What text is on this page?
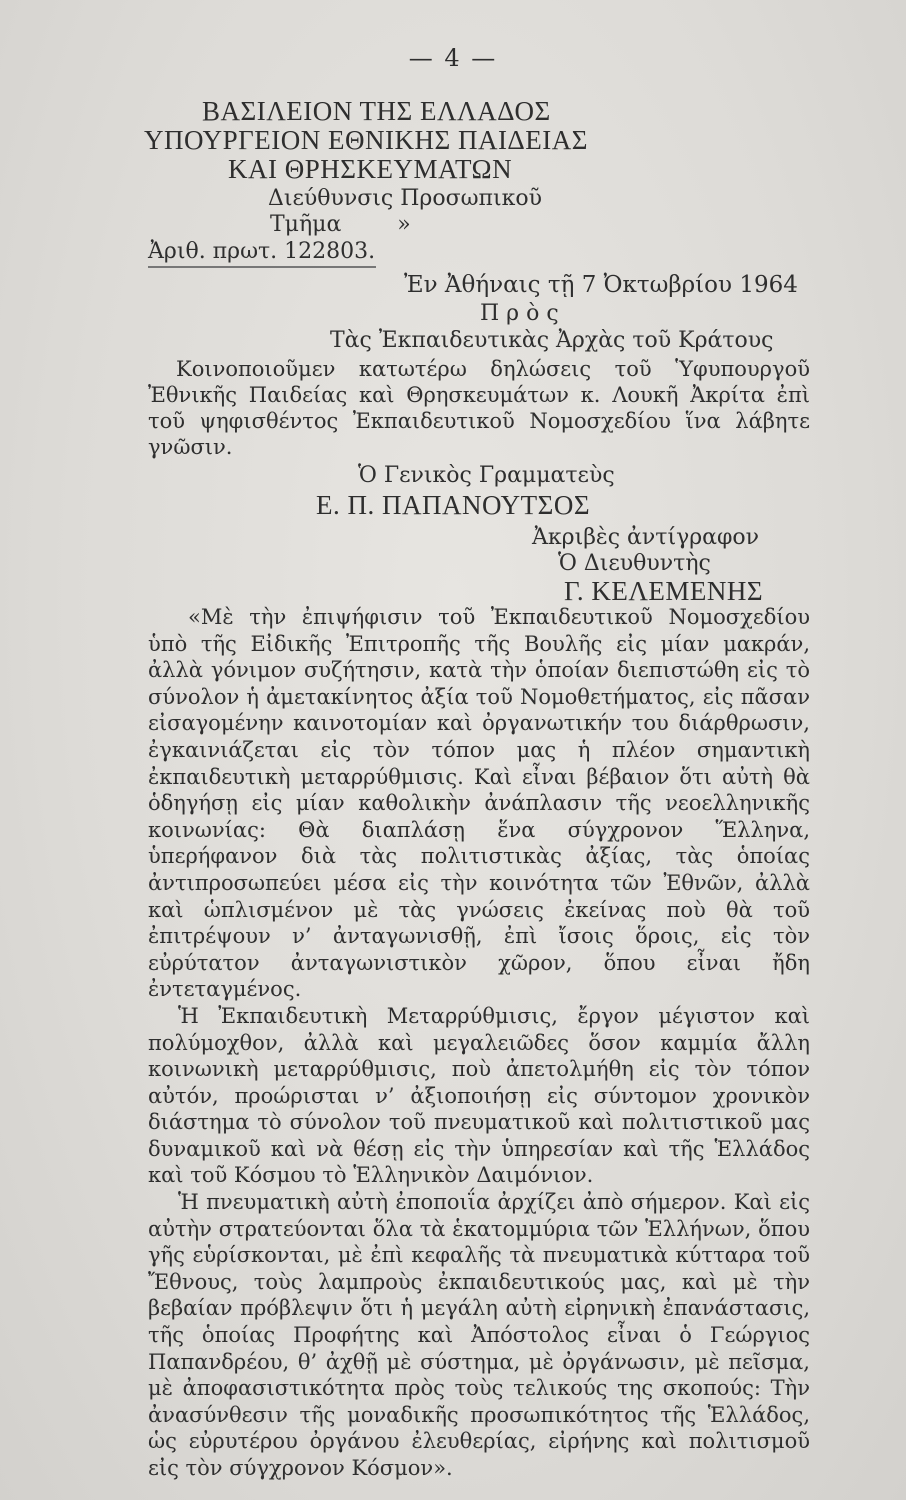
— 4 —
ΒΑΣΙΛΕΙΟΝ ΤΗΣ ΕΛΛΑΔΟΣ
ΥΠΟΥΡΓΕΙΟΝ ΕΘΝΙΚΗΣ ΠΑΙΔΕΙΑΣ
ΚΑΙ ΘΡΗΣΚΕΥΜΑΤΩΝ
Διεύθυνσις Προσωπικοῦ
Τμῆμα        »
Ἀριθ. πρωτ. 122803.
Ἐν Ἀθήναις τῇ 7 Ὀκτωβρίου 1964
Π ρ ὸ ς
Τὰς Ἐκπαιδευτικὰς Ἀρχὰς τοῦ Κράτους
Κοινοποιοῦμεν κατωτέρω δηλώσεις τοῦ Ὑφυπουργοῦ Ἐθνικῆς Παιδείας καὶ Θρησκευμάτων κ. Λουκῆ Ἀκρίτα ἐπὶ τοῦ ψηφισθέντος Ἐκπαιδευτικοῦ Νομοσχεδίου ἵνα λάβητε γνῶσιν.
Ὁ Γενικὸς Γραμματεὺς
Ε. Π. ΠΑΠΑΝΟΥΤΣΟΣ
Ἀκριβὲς ἀντίγραφον
Ὁ Διευθυντὴς
Γ. ΚΕΛΕΜΕΝΗΣ

«Μὲ τὴν ἐπιψήφισιν τοῦ Ἐκπαιδευτικοῦ Νομοσχεδίου ὑπὸ τῆς Εἰδικῆς Ἐπιτροπῆς τῆς Βουλῆς εἰς μίαν μακράν, ἀλλὰ γόνιμον συζήτησιν, κατὰ τὴν ὁποίαν διεπιστώθη εἰς τὸ σύνολον ἡ ἀμετακίνητος ἀξία τοῦ Νομοθετήματος, εἰς πᾶσαν εἰσαγομένην καινοτομίαν καὶ ὀργανωτικήν του διάρθρωσιν, ἐγκαινιάζεται εἰς τὸν τόπον μας ἡ πλέον σημαντικὴ ἐκπαιδευτικὴ μεταρρύθμισις. Καὶ εἶναι βέβαιον ὅτι αὐτὴ θὰ ὁδηγήσῃ εἰς μίαν καθολικὴν ἀνάπλασιν τῆς νεοελληνικῆς κοινωνίας: Θὰ διαπλάσῃ ἕνα σύγχρονον Ἕλληνα, ὑπερήφανον διὰ τὰς πολιτιστικὰς ἀξίας, τὰς ὁποίας ἀντιπροσωπεύει μέσα εἰς τὴν κοινότητα τῶν Ἐθνῶν, ἀλλὰ καὶ ὡπλισμένον μὲ τὰς γνώσεις ἐκείνας ποὺ θὰ τοῦ ἐπιτρέψουν ν’ ἀνταγωνισθῇ, ἐπὶ ἴσοις ὅροις, εἰς τὸν εὐρύτατον ἀνταγωνιστικὸν χῶρον, ὅπου εἶναι ἤδη ἐντεταγμένος.

Ἡ Ἐκπαιδευτικὴ Μεταρρύθμισις, ἔργον μέγιστον καὶ πολύμοχθον, ἀλλὰ καὶ μεγαλειῶδες ὅσον καμμία ἄλλη κοινωνικὴ μεταρρύθμισις, ποὺ ἀπετολμήθη εἰς τὸν τόπον αὐτόν, προώρισται ν’ ἀξιοποιήσῃ εἰς σύντομον χρονικὸν διάστημα τὸ σύνολον τοῦ πνευματικοῦ καὶ πολιτιστικοῦ μας δυναμικοῦ καὶ νὰ θέσῃ εἰς τὴν ὑπηρεσίαν καὶ τῆς Ἑλλάδος καὶ τοῦ Κόσμου τὸ Ἑλληνικὸν Δαιμόνιον.

Ἡ πνευματικὴ αὐτὴ ἐποποιΐα ἀρχίζει ἀπὸ σήμερον. Καὶ εἰς αὐτὴν στρατεύονται ὅλα τὰ ἑκατομμύρια τῶν Ἑλλήνων, ὅπου γῆς εὑρίσκονται, μὲ ἐπὶ κεφαλῆς τὰ πνευματικὰ κύτταρα τοῦ Ἔθνους, τοὺς λαμπροὺς ἐκπαιδευτικούς μας, καὶ μὲ τὴν βεβαίαν πρόβλεψιν ὅτι ἡ μεγάλη αὐτὴ εἰρηνικὴ ἐπανάστασις, τῆς ὁποίας Προφήτης καὶ Ἀπόστολος εἶναι ὁ Γεώργιος Παπανδρέου, θ’ ἀχθῇ μὲ σύστημα, μὲ ὀργάνωσιν, μὲ πεῖσμα, μὲ ἀποφασιστικότητα πρὸς τοὺς τελικούς της σκοπούς: Τὴν ἀνασύνθεσιν τῆς μοναδικῆς προσωπικότητος τῆς Ἑλλάδος, ὡς εὐρυτέρου ὀργάνου ἐλευθερίας, εἰρήνης καὶ πολιτισμοῦ εἰς τὸν σύγχρονον Κόσμον».
